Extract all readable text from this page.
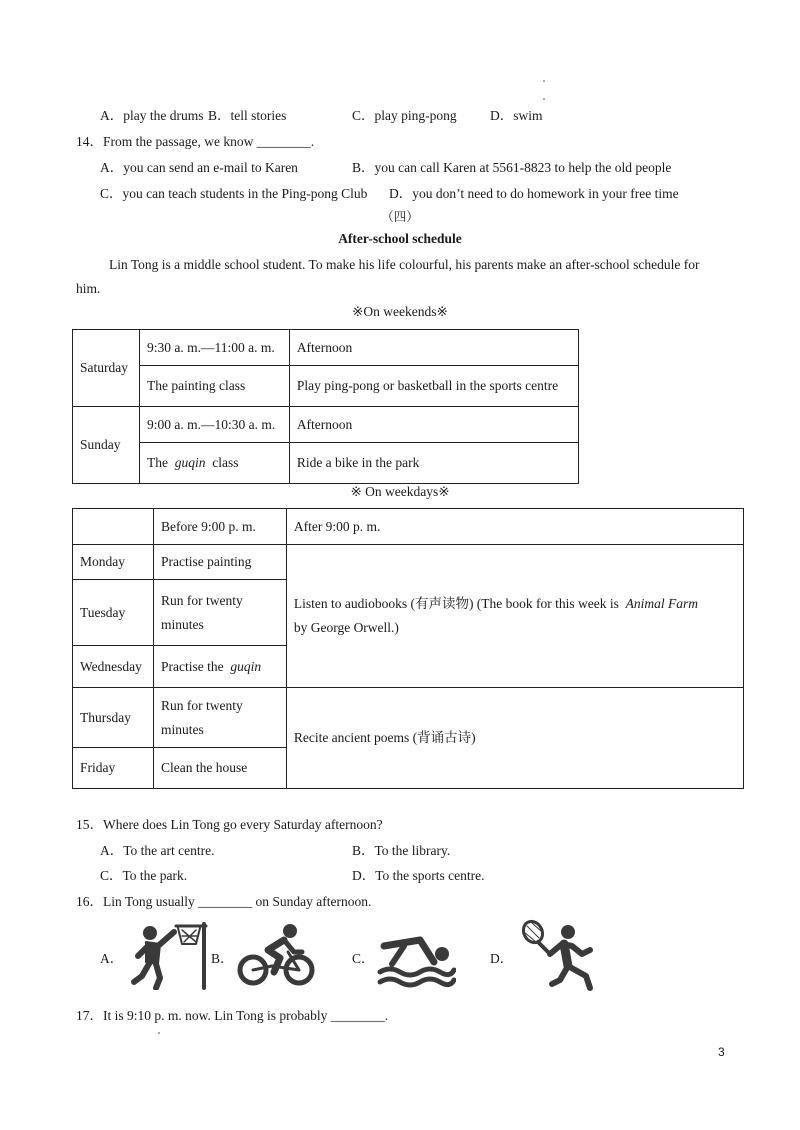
A．play the drums B．tell stories	C．play ping-pong D．swim
14．From the passage, we know ________.
A．you can send an e-mail to Karen	B．you can call Karen at 5561-8823 to help the old people
C．you can teach students in the Ping-pong Club D．you don’t need to do homework in your free time
（四）
After-school schedule
Lin Tong is a middle school student. To make his life colourful, his parents make an after-school schedule for
him.
※On weekends※
Saturday	9:30 a. m.—11:00 a. m.	Afternoon
	The painting class	Play ping-pong or basketball in the sports centre
Sunday	9:00 a. m.—10:30 a. m.	Afternoon
	The guqin class	Ride a bike in the park
※ On weekdays※
	Before 9:00 p. m.	After 9:00 p. m.
Monday	Practise painting	Listen to audiobooks (有声读物) (The book for this week is Animal Farm
by George Orwell.)

Tuesday	Run for twenty
minutes	

Wednesday	Practise the guqin	
Thursday	Run for twenty
minutes	Recite ancient poems (背诵古诗)
Friday	Clean the house	
15．Where does Lin Tong go every Saturday afternoon?
A．To the art centre.	B．To the library.
C．To the park.	D．To the sports centre.
16．Lin Tong usually ________ on Sunday afternoon.
A．	B．	C．	D．
17．It is 9:10 p. m. now. Lin Tong is probably ________.
3
